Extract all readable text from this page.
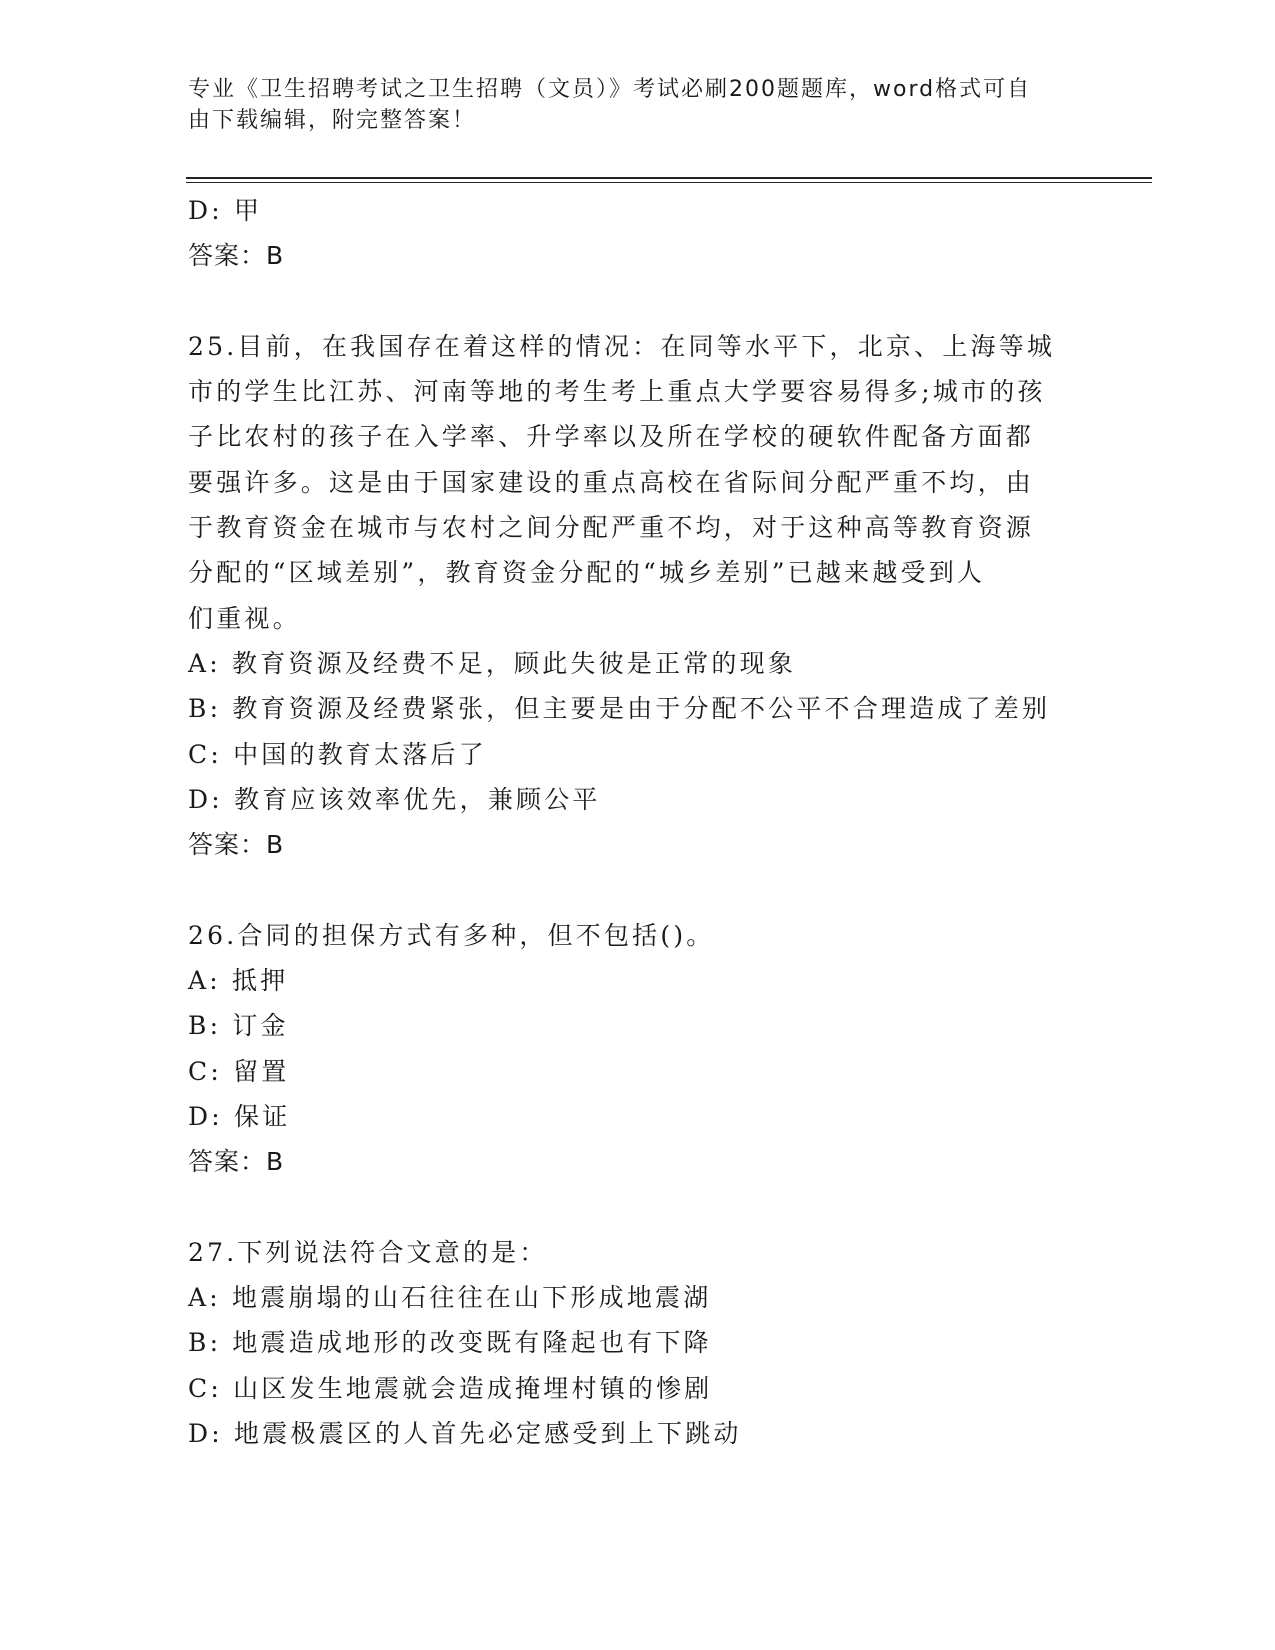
专业《卫生招聘考试之卫生招聘（文员）》考试必刷200题题库，word格式可自
由下载编辑，附完整答案！
D: 甲
答案：B
25.目前，在我国存在着这样的情况：在同等水平下，北京、上海等城
市的学生比江苏、河南等地的考生考上重点大学要容易得多;城市的孩
子比农村的孩子在入学率、升学率以及所在学校的硬软件配备方面都
要强许多。这是由于国家建设的重点高校在省际间分配严重不均，由
于教育资金在城市与农村之间分配严重不均，对于这种高等教育资源
分配的“区域差别”，教育资金分配的“城乡差别”已越来越受到人
们重视。
A: 教育资源及经费不足，顾此失彼是正常的现象
B: 教育资源及经费紧张，但主要是由于分配不公平不合理造成了差别
C: 中国的教育太落后了
D: 教育应该效率优先，兼顾公平
答案：B
26.合同的担保方式有多种，但不包括()。
A: 抵押
B: 订金
C: 留置
D: 保证
答案：B
27.下列说法符合文意的是：
A: 地震崩塌的山石往往在山下形成地震湖
B: 地震造成地形的改变既有隆起也有下降
C: 山区发生地震就会造成掩埋村镇的惨剧
D: 地震极震区的人首先必定感受到上下跳动
